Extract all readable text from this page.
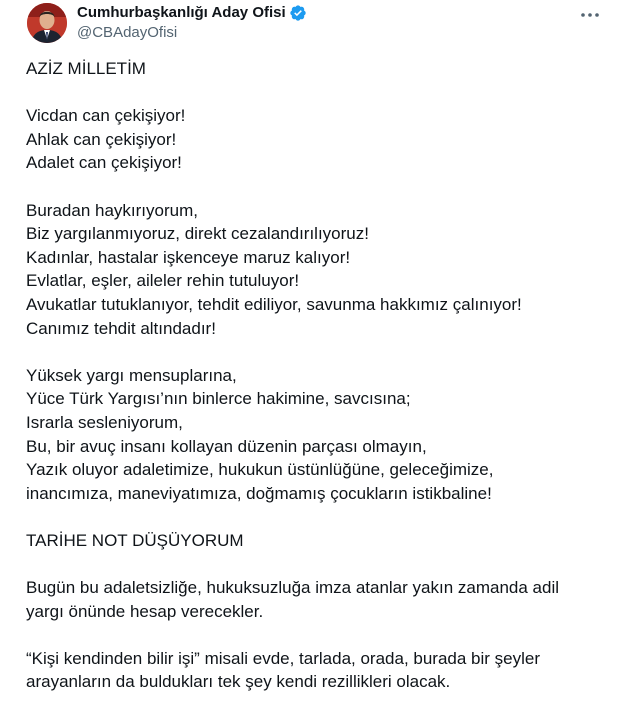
Cumhurbaşkanlığı Aday Ofisi
@CBAdayOfisi

AZİZ MİLLETİM

Vicdan can çekişiyor!

Ahlak can çekişiyor!

Adalet can çekişiyor!

Buradan haykırıyorum,

Biz yargılanmıyoruz, direkt cezalandırılıyoruz!

Kadınlar, hastalar işkenceye maruz kalıyor!

Evlatlar, eşler, aileler rehin tutuluyor!

Avukatlar tutuklanıyor, tehdit ediliyor, savunma hakkımız çalınıyor!

Canımız tehdit altındadır!

Yüksek yargı mensuplarına,

Yüce Türk Yargısı’nın binlerce hakimine, savcısına;

Israrla sesleniyorum,

Bu, bir avuç insanı kollayan düzenin parçası olmayın,

Yazık oluyor adaletimize, hukukun üstünlüğüne, geleceğimize,

inancımıza, maneviyatımıza, doğmamış çocukların istikbaline!

TARİHE NOT DÜŞÜYORUM

Bugün bu adaletsizliğe, hukuksuzluğa imza atanlar yakın zamanda adil yargı önünde hesap verecekler.

“Kişi kendinden bilir işi” misali evde, tarlada, orada, burada bir şeyler arayanların da buldukları tek şey kendi rezillikleri olacak.
